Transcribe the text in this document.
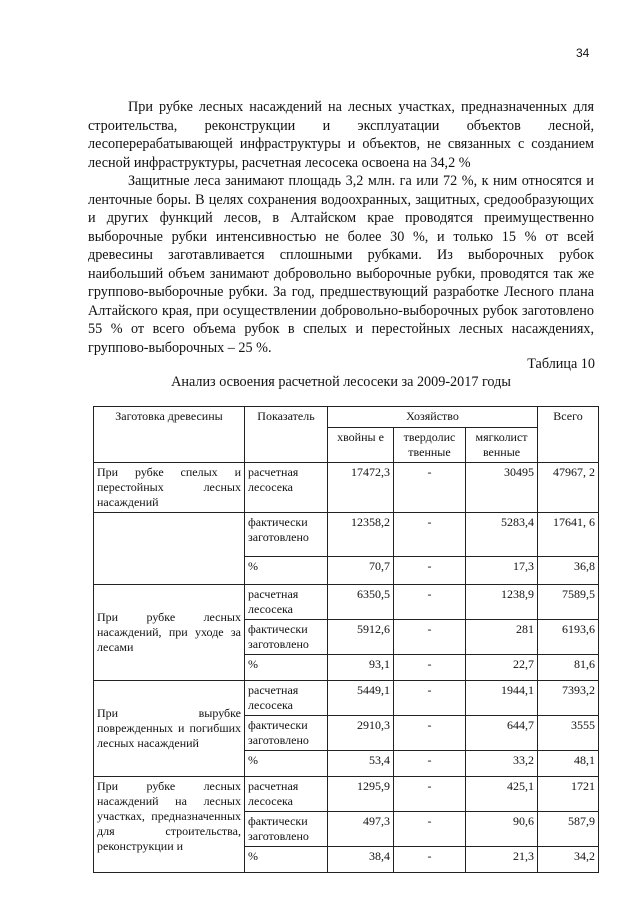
34

При рубке лесных насаждений на лесных участках, предназначенных для строительства, реконструкции и эксплуатации объектов лесной, лесоперерабатывающей инфраструктуры и объектов, не связанных с созданием лесной инфраструктуры, расчетная лесосека освоена на 34,2 %

Защитные леса занимают площадь 3,2 млн. га или 72 %, к ним относятся и ленточные боры. В целях сохранения водоохранных, защитных, средообразующих и других функций лесов, в Алтайском крае проводятся преимущественно выборочные рубки интенсивностью не более 30 %, и только 15 % от всей древесины заготавливается сплошными рубками. Из выборочных рубок наибольший объем занимают добровольно выборочные рубки, проводятся так же группово-выборочные рубки. За год, предшествующий разработке Лесного плана Алтайского края, при осуществлении добровольно-выборочных рубок заготовлено 55 % от всего объема рубок в спелых и перестойных лесных насаждениях, группово-выборочных – 25 %.

Таблица 10
Анализ освоения расчетной лесосеки за 2009-2017 годы
Заготовка древесины	Показатель	Хозяйство			Всего
		хвойны е	твердолис твенные	мягколист венные	
При рубке спелых и перестойных лесных насаждений	расчетная лесосека	17472,3	-	30495	47967, 2
	фактически заготовлено	12358,2	-	5283,4	17641, 6
	%	70,7	-	17,3	36,8
При рубке лесных насаждений, при уходе за лесами	расчетная лесосека	6350,5	-	1238,9	7589,5
	фактически заготовлено	5912,6	-	281	6193,6
	%	93,1	-	22,7	81,6
При вырубке поврежденных и погибших лесных насаждений	расчетная лесосека	5449,1	-	1944,1	7393,2
	фактически заготовлено	2910,3	-	644,7	3555
	%	53,4	-	33,2	48,1
При рубке лесных насаждений на лесных участках, предназначенных для строительства, реконструкции и	расчетная лесосека	1295,9	-	425,1	1721
	фактически заготовлено	497,3	-	90,6	587,9
	%	38,4	-	21,3	34,2
